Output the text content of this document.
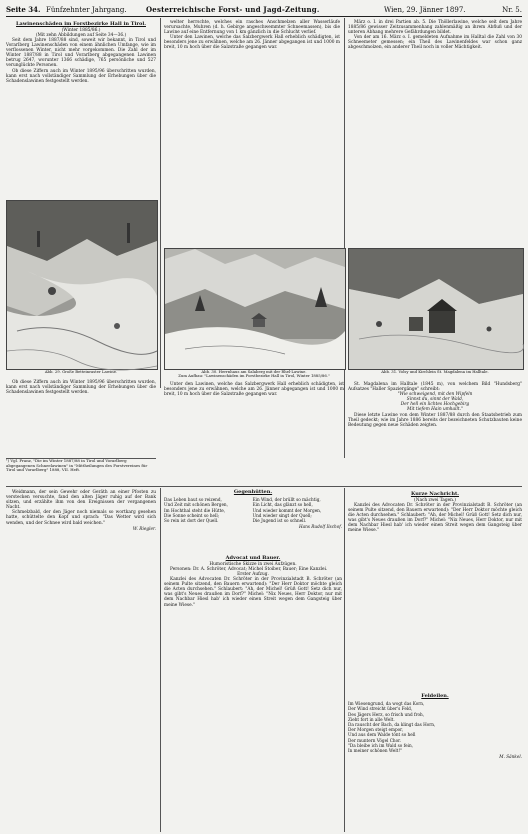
Seite 34. Fünfzehnter Jahrgang.	Oesterreichische Forst- und Jagd-Zeitung.	Wien, 29. Jänner 1897.	Nr. 5.
Lawinenschäden im Forstbezirke Hall in Tirol.
(Winter 1885/86.)
(Mit zehn Abbildungen auf Seite 34—36.)

Seit dem Jahre 1887/88 sind, soweit wir bekannt, in Tirol und Vorarlberg Lawinenschäden von einem ähnlichen Umfange, wie im verflossenen Winter, nicht mehr vorgekommen. Die Zahl der im Winter 1887/88 in Tirol und Vorarlberg abgegangenen Lawinen betrug 2647, worunter 1366 schädige, 765 persönliche und 527 verunglückte Personen.

Ob diese Ziffern auch im Winter 1895/96 überschritten wurden, kann erst nach vollständiger Sammlung der Erhebungen über die Schadenslawinen festgestellt werden.

welter herrschte, welches ein rasches Anschmelzen aller Wasserläufe verursachte, Muhren (d. h. Gebirge angeschwemmter Schneemassen), bis die Lawine auf eine Entfernung von 1 km gänzlich in die Schlucht verlief.

Unter den Lawinen, welche das Salzbergwerk Hall erheblich schädigten, ist besonders jene zu erwähnen, welche am 26. Jänner abgegangen ist und 1000 m breit, 10 m hoch über die Salzstraße gegangen war.

März o. I. in drei Partien ab. 5. Die Thöllerlawine, welche seit dem Jahre 1885/86 gewisser Zeitzusammenhang zahlenmäßig an ihrem Abfluß und der unteren Abhang mehrere Gefährdungen bildet.

Von der am 16. März o. I. gemeldeten Aufnahme im Halltal die Zahl von 30 Schneemeter gemessen; ein Theil des Lawinenfeldes war schon ganz abgeschmolzen, ein anderer Theil noch in voller Mächtigkeit.

Abb. 29. Große Betteinraster Lawine.	Abb. 30. Herrnhaus am Salaberg mit der Rhel-Lawine.
Zum Aufbau: "Lawinenschäden im Forstbezirke Hall in Tirol, Winter 1885/86."
Abb. 31. Volsy und Kirchlein St. Magdalena im Halltale.

Ob diese Ziffern auch im Winter 1895/96 überschritten wurden, kann erst nach vollständiger Sammlung der Erhebungen über die Schadenslawinen festgestellt werden.

¹) Vgl. Franz, "Die im Winter 1887/88 in Tirol und Vorarlberg abgegangenen Schneelawinen" in "Mittheilungen des Forstvereines für Tirol und Vorarlberg" 1888, VII. Heft.

Unter den Lawinen, welche das Salzbergwerk Hall erheblich schädigten, ist besonders jene zu erwähnen, welche am 26. Jänner abgegangen ist und 1000 m breit, 10 m hoch über die Salzstraße gegangen war.

St. Magdalena im Halltale (1845 m), von welchem Bild "Hundsberg" Aufsatzes "Haller Spaziergänge" schreibt:

"Wie schweigend, mit den Wipfeln
Sinnst du, sinnt der Wald,
Der hell ein lichtes Hochgebirg
Mit tiefem Hain umhallt."

Diese letzte Lawine von dem Winter 1887/88 durch den Staatsbetrieb zum Theil gedeckt; wie im Jahre 1886 bereits der bezeichneten Schutzbauten keine Bedeutung gegen neue Schäden zeigten.

Weidmann, der sein Gewehr oder Geräth an einer Pfosten zu verstecken versuchte, fand den alten Jäger ruhig auf der Bank sitzen, und erzählte ihm von den Ereignissen der vergangenen Nacht.

Schmelzbald, der den Jäger noch niemals so wortkarg gesehen hatte, schüttelte den Kopf und sprach: "Das Wetter wird sich wenden, und der Schnee wird bald weichen."

W. Riegler.
Gegenhütten.
Das Leben baut so reizend,
Und Zeit mit schönen Bergen,
Im Hochthal steht die Hütte,
Die Sonne scheint so hell;
So rein ist dort der Quell. Ein Wind, der brüllt so mächtig,
Ein Licht, das glänzt so hell,
Und wieder kommt der Morgen,
Und wieder singt der Quell;
Die Jugend ist so schnell.
Hans Rudolf Ilschof.
Advocat und Bauer.
Humoristische Skizze in zwei Aufzügen.

Personen: Dr. A. Schröter, Advocat; Michel Stoiber, Bauer; Eine Kanzlei.

Erster Aufzug.

Kanzlei des Advocaten Dr. Schröter in der Provinzialstadt B. Schröter (an seinem Pulte sitzend, den Bauern erwartend): "Der Herr Doktor möchte gleich die Acten durchsehen." Schlaubert: "Ah, der Michel! Grüß Gott! Setz dich nur, was gibt's Neues draußen im Dorf?" Michel: "Nix Neues, Herr Doktor, nur mit dem Nachbar Hiesl hab' ich wieder einen Streit wegen dem Gangsteig über meine Wiese."

Kurze Nachricht.
(Nach zwei Tagen.)

Kanzlei des Advocaten Dr. Schröter in der Provinzialstadt B. Schröter (an seinem Pulte sitzend, den Bauern erwartend): "Der Herr Doktor möchte gleich die Acten durchsehen." Schlaubert: "Ah, der Michel! Grüß Gott! Setz dich nur, was gibt's Neues draußen im Dorf?" Michel: "Nix Neues, Herr Doktor, nur mit dem Nachbar Hiesl hab' ich wieder einen Streit wegen dem Gangsteig über meine Wiese."

Feldeilen.
Im Wiesengrund, da wogt das Korn,
Der Wind streicht über's Feld,
Des Jägers Herz, so frisch und froh,
Zieht fort in alle Welt.
Da rauscht der Bach, da klingt das Horn,
Der Morgen steigt empor,
Und aus dem Walde tönt so hell
Der muntern Vögel Chor.
"Da bleibe ich im Wald so fein,
In meiner schönen Welt!"
M. Sänkel.
